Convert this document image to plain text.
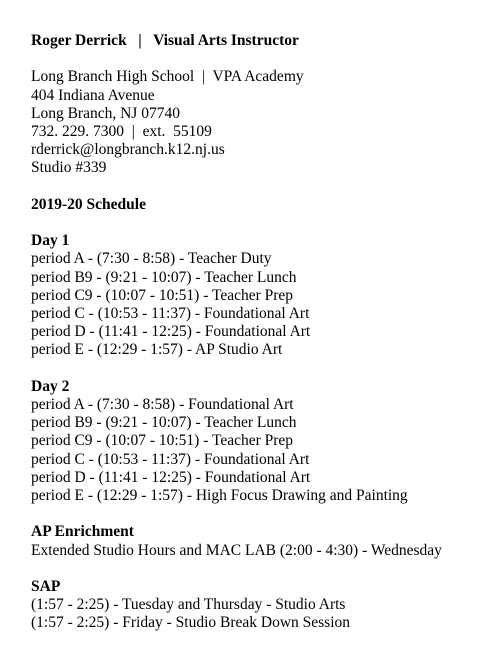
Roger Derrick   |   Visual Arts Instructor
Long Branch High School  |  VPA Academy
404 Indiana Avenue
Long Branch, NJ 07740
732. 229. 7300  |  ext.  55109
rderrick@longbranch.k12.nj.us
Studio #339
2019-20 Schedule
Day 1
period A - (7:30 - 8:58) - Teacher Duty
period B9 - (9:21 - 10:07) - Teacher Lunch
period C9 - (10:07 - 10:51) - Teacher Prep
period C - (10:53 - 11:37) - Foundational Art
period D - (11:41 - 12:25) - Foundational Art
period E - (12:29 - 1:57) - AP Studio Art
Day 2
period A - (7:30 - 8:58) - Foundational Art
period B9 - (9:21 - 10:07) - Teacher Lunch
period C9 - (10:07 - 10:51) - Teacher Prep
period C - (10:53 - 11:37) - Foundational Art
period D - (11:41 - 12:25) - Foundational Art
period E - (12:29 - 1:57) - High Focus Drawing and Painting
AP Enrichment
Extended Studio Hours and MAC LAB (2:00 - 4:30) - Wednesday
SAP
(1:57 - 2:25) - Tuesday and Thursday - Studio Arts
(1:57 - 2:25) - Friday - Studio Break Down Session
